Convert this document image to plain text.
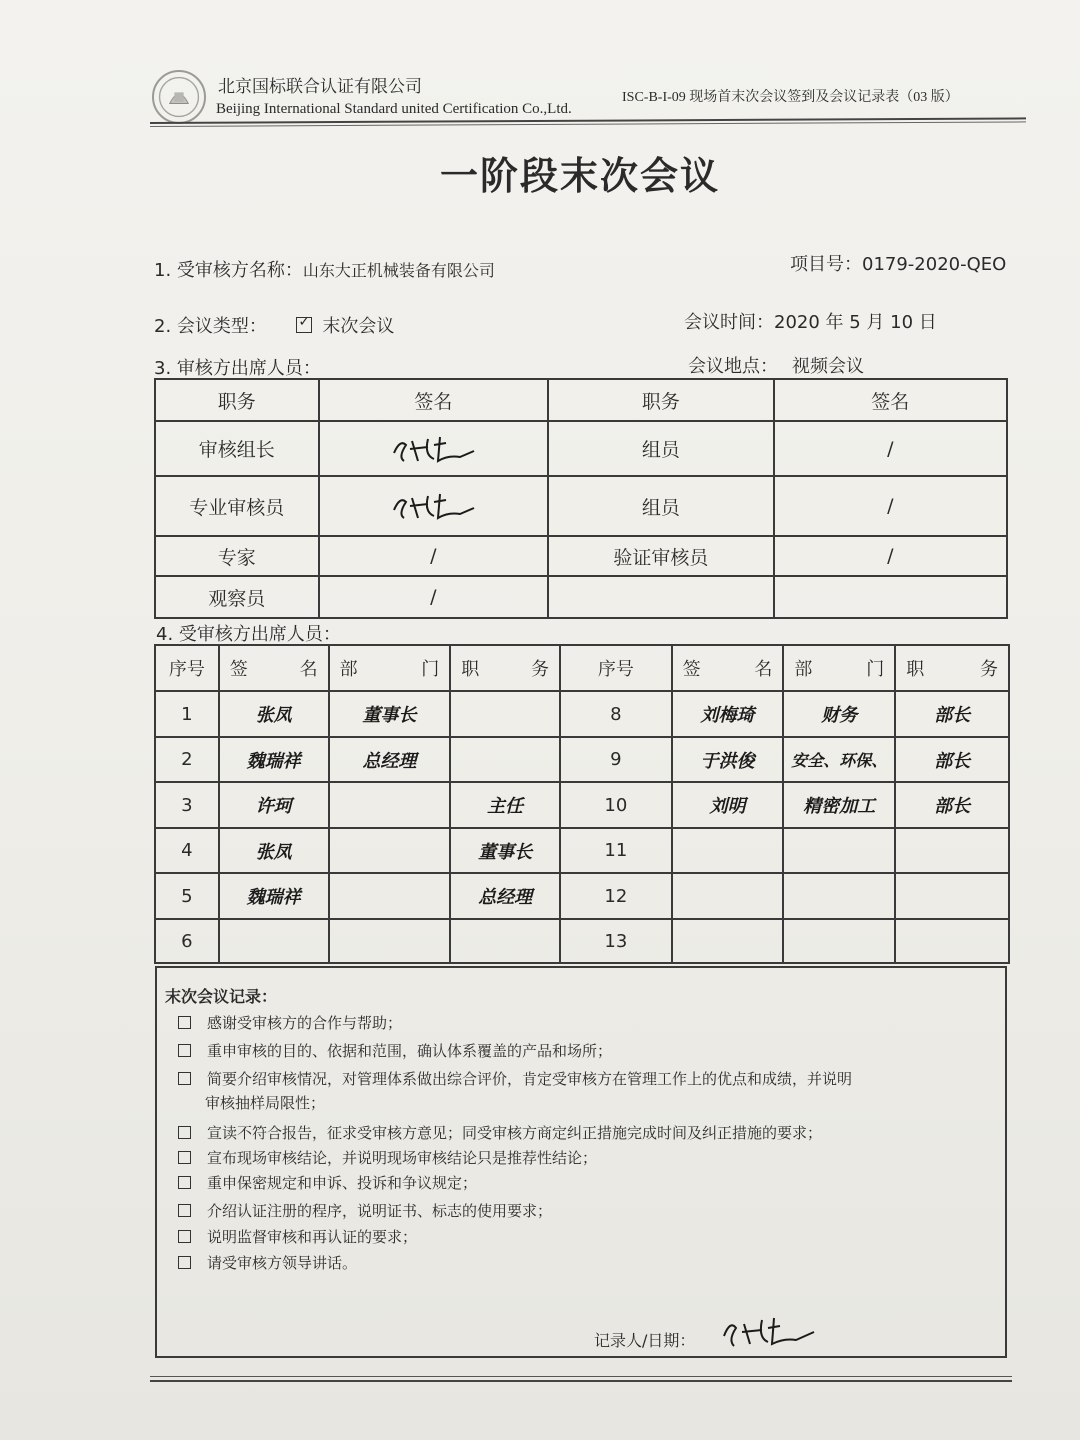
北京国标联合认证有限公司
Beijing International Standard united Certification Co.,Ltd.
ISC-B-I-09 现场首末次会议签到及会议记录表（03 版）
一阶段末次会议
1. 受审核方名称：山东大正机械装备有限公司	项目号：0179-2020-QEO
2. 会议类型： ✓	末次会议	会议时间：2020 年 5 月 10 日
3. 审核方出席人员：	会议地点： 视频会议
职务	签名	职务	签名
审核组长		组员	/
专业审核员		组员	/
专家	/	验证审核员	/
观察员	/		
4. 受审核方出席人员：
序号	签 名	部 门	职 务	序号	签 名	部 门	职 务

1	张凤	董事长		8	刘梅琦	财务	部长
2	魏瑞祥	总经理		9	于洪俊	安全、环保、	部长
3	许珂		主任	10	刘明	精密加工	部长
4	张凤		董事长	11			
5	魏瑞祥		总经理	12			
6				13			
末次会议记录：
感谢受审核方的合作与帮助；
重申审核的目的、依据和范围，确认体系覆盖的产品和场所；
简要介绍审核情况，对管理体系做出综合评价，肯定受审核方在管理工作上的优点和成绩，并说明
审核抽样局限性；
宣读不符合报告，征求受审核方意见；同受审核方商定纠正措施完成时间及纠正措施的要求；
宣布现场审核结论，并说明现场审核结论只是推荐性结论；
重申保密规定和申诉、投诉和争议规定；
介绍认证注册的程序，说明证书、标志的使用要求；
说明监督审核和再认证的要求；
请受审核方领导讲话。
记录人/日期：
